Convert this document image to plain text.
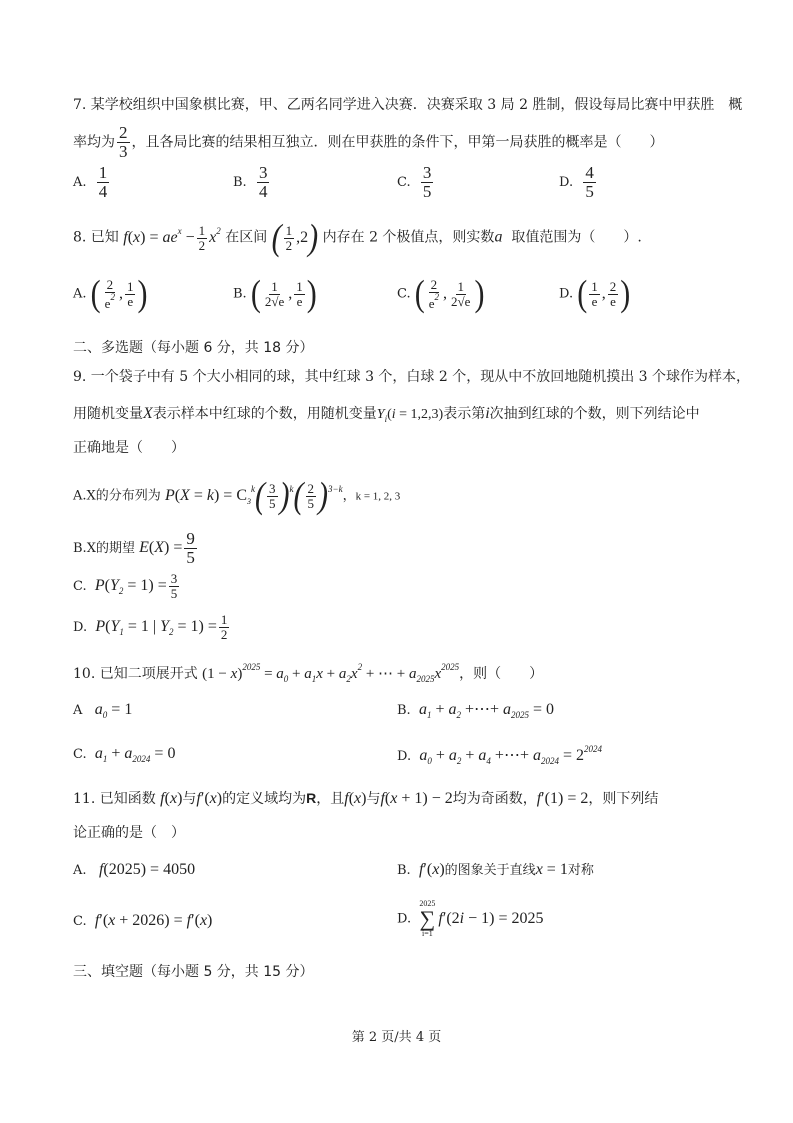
7. 某学校组织中国象棋比赛，甲、乙两名同学进入决赛．决赛采取 3 局 2 胜制，假设每局比赛中甲获胜　概
率均为 $\frac{2}{3}$ ，且各局比赛的结果相互独立．则在甲获胜的条件下，甲第一局获胜的概率是（　　）
A. $\frac{1}{4}$	B. $\frac{3}{4}$	C. $\frac{3}{5}$	D. $\frac{4}{5}$
8. 已知 $f(x) = ae^x - \frac{1}{2} x^2$ 在区间 ( $\frac{1}{2} ,2$) 内存在 2 个极值点，则实数a 取值范围为（　　）.
A. ( $\frac{2}{e^2}$ , $\frac{1}{e}$ )	B. ( $\frac{1}{2√e}$ , $\frac{1}{e}$ )	C. ( $\frac{2}{e^2}$ , $\frac{1}{2√e}$ )	D. ( $\frac{1}{e}$ , $\frac{2}{e}$ )
二、多选题（每小题 6 分，共 18 分）
9. 一个袋子中有 5 个大小相同的球，其中红球 3 个，白球 2 个，现从中不放回地随机摸出 3 个球作为样本，
用随机变量X表示样本中红球的个数，用随机变量$Y_i(i = 1,2,3)$表示第i次抽到红球的个数，则下列结论中
正确地是（　　）
A.X的分布列为 $P(X = k) = C_3^k( \frac{3}{5} )^k( \frac{2}{5} )^{3-k}$，k = 1, 2, 3
B.X的期望 $E(X) = \frac{9}{5}$
C. $P(Y_2 = 1) = \frac{3}{5}$
D. $P(Y_1 = 1$ | $Y_2 = 1) = \frac{1}{2}$
10. 已知二项展开式 $(1 - x)^{2025} = a_0 + a_1x + a_2x^2$ + ⋯ + $a_{2025}x^{2025}$，则（　　）
A $a_0 = 1$	B. $a_1 + a_2$ +⋯+ $a_{2025} = 0$
C. $a_1 + a_{2024} = 0$	D. $a_0 + a_2 + a_4$ +⋯+ $a_{2024} = 2^{2024}$
11. 已知函数 f(x)与f′(x)的定义域均为R，且f(x)与f(x + 1) − 2均为奇函数，f′(1) = 2，则下列结
论正确的是（　）
A. f(2025) = 4050	B. f′(x)的图象关于直线x = 1对称
C. f′(x + 2026) = f′(x)	D.
2025
∑
i=1
f′(2i − 1) = 2025
三、填空题（每小题 5 分，共 15 分）
第 2 页/共 4 页
